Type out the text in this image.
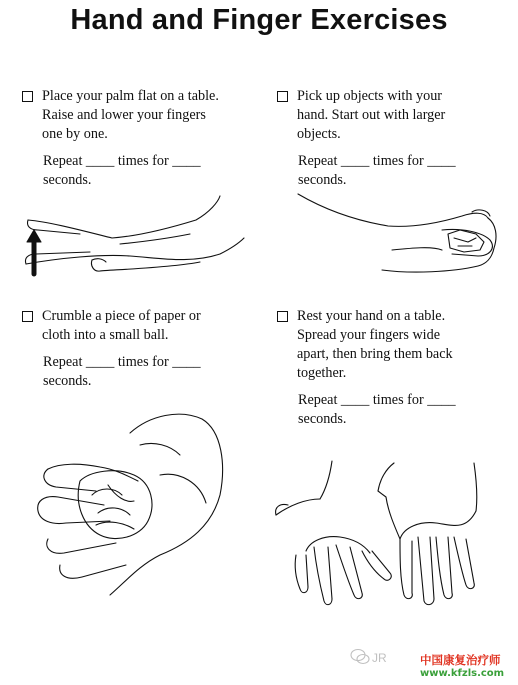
Hand and Finger Exercises
Place your palm flat on a table.
Raise and lower your fingers
one by one.
Repeat ____ times for ____
seconds.
Pick up objects with your
hand. Start out with larger
objects.
Repeat ____ times for ____
seconds.
Crumble a piece of paper or
cloth into a small ball.
Repeat ____ times for ____
seconds.
Rest your hand on a table.
Spread your fingers wide
apart, then bring them back
together.
Repeat ____ times for ____
seconds.
JR	中国康复治疗师
www.kfzls.com
